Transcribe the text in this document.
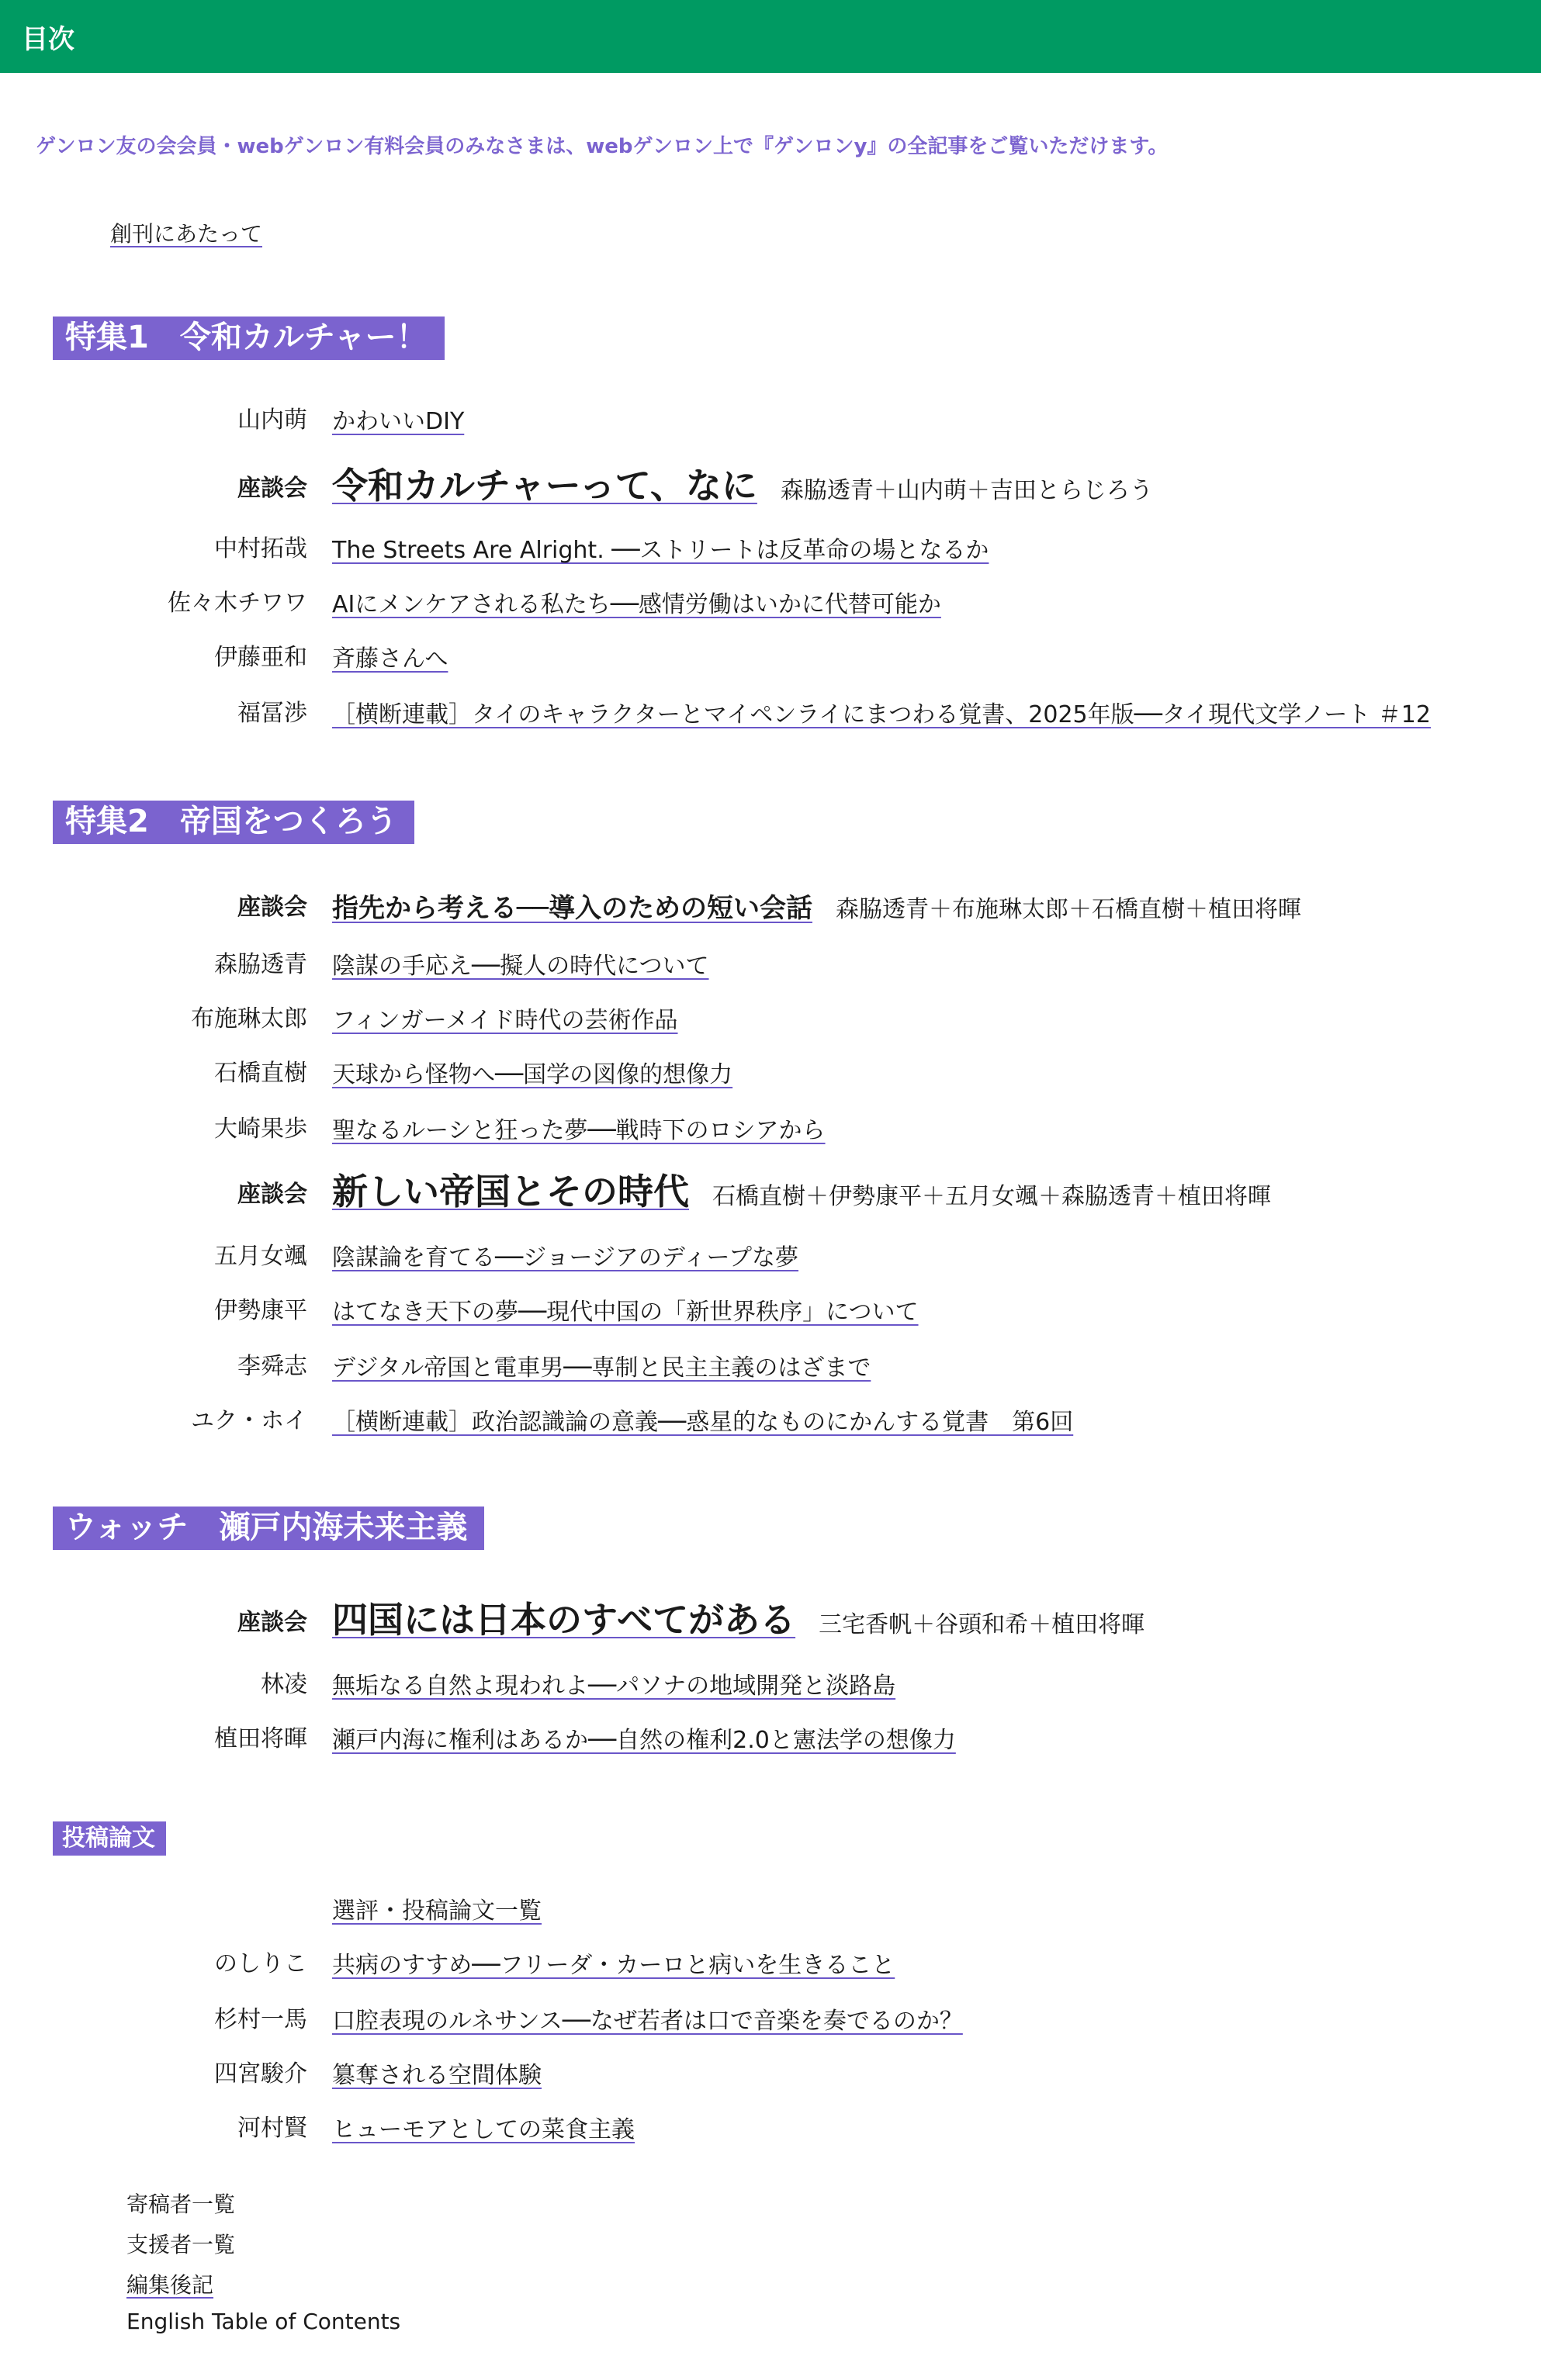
目次
ゲンロン友の会会員・webゲンロン有料会員のみなさまは、webゲンロン上で『ゲンロンy』の全記事をご覧いただけます。
創刊にあたって
特集1　令和カルチャー！
山内萌 かわいいDIY
座談会 令和カルチャーって、なに 森脇透青＋山内萌＋吉田とらじろう
中村拓哉 The Streets Are Alright. ──ストリートは反革命の場となるか
佐々木チワワ AIにメンケアされる私たち──感情労働はいかに代替可能か
伊藤亜和 斉藤さんへ
福冨渉 ［横断連載］タイのキャラクターとマイペンライにまつわる覚書、2025年版──タイ現代文学ノート ＃12
特集2　帝国をつくろう
座談会 指先から考える──導入のための短い会話 森脇透青＋布施琳太郎＋石橋直樹＋植田将暉
森脇透青 陰謀の手応え──擬人の時代について
布施琳太郎 フィンガーメイド時代の芸術作品
石橋直樹 天球から怪物へ──国学の図像的想像力
大崎果歩 聖なるルーシと狂った夢──戦時下のロシアから
座談会 新しい帝国とその時代 石橋直樹＋伊勢康平＋五月女颯＋森脇透青＋植田将暉
五月女颯 陰謀論を育てる──ジョージアのディープな夢
伊勢康平 はてなき天下の夢──現代中国の「新世界秩序」について
李舜志 デジタル帝国と電車男──専制と民主主義のはざまで
ユク・ホイ ［横断連載］政治認識論の意義──惑星的なものにかんする覚書　第6回
ウォッチ　瀬戸内海未来主義
座談会 四国には日本のすべてがある 三宅香帆＋谷頭和希＋植田将暉
林凌 無垢なる自然よ現われよ──パソナの地域開発と淡路島
植田将暉 瀬戸内海に権利はあるか──自然の権利2.0と憲法学の想像力
投稿論文
選評・投稿論文一覧
のしりこ 共病のすすめ──フリーダ・カーロと病いを生きること
杉村一馬 口腔表現のルネサンス──なぜ若者は口で音楽を奏でるのか？
四宮駿介 簒奪される空間体験
河村賢 ヒューモアとしての菜食主義
寄稿者一覧
支援者一覧
編集後記
English Table of Contents
